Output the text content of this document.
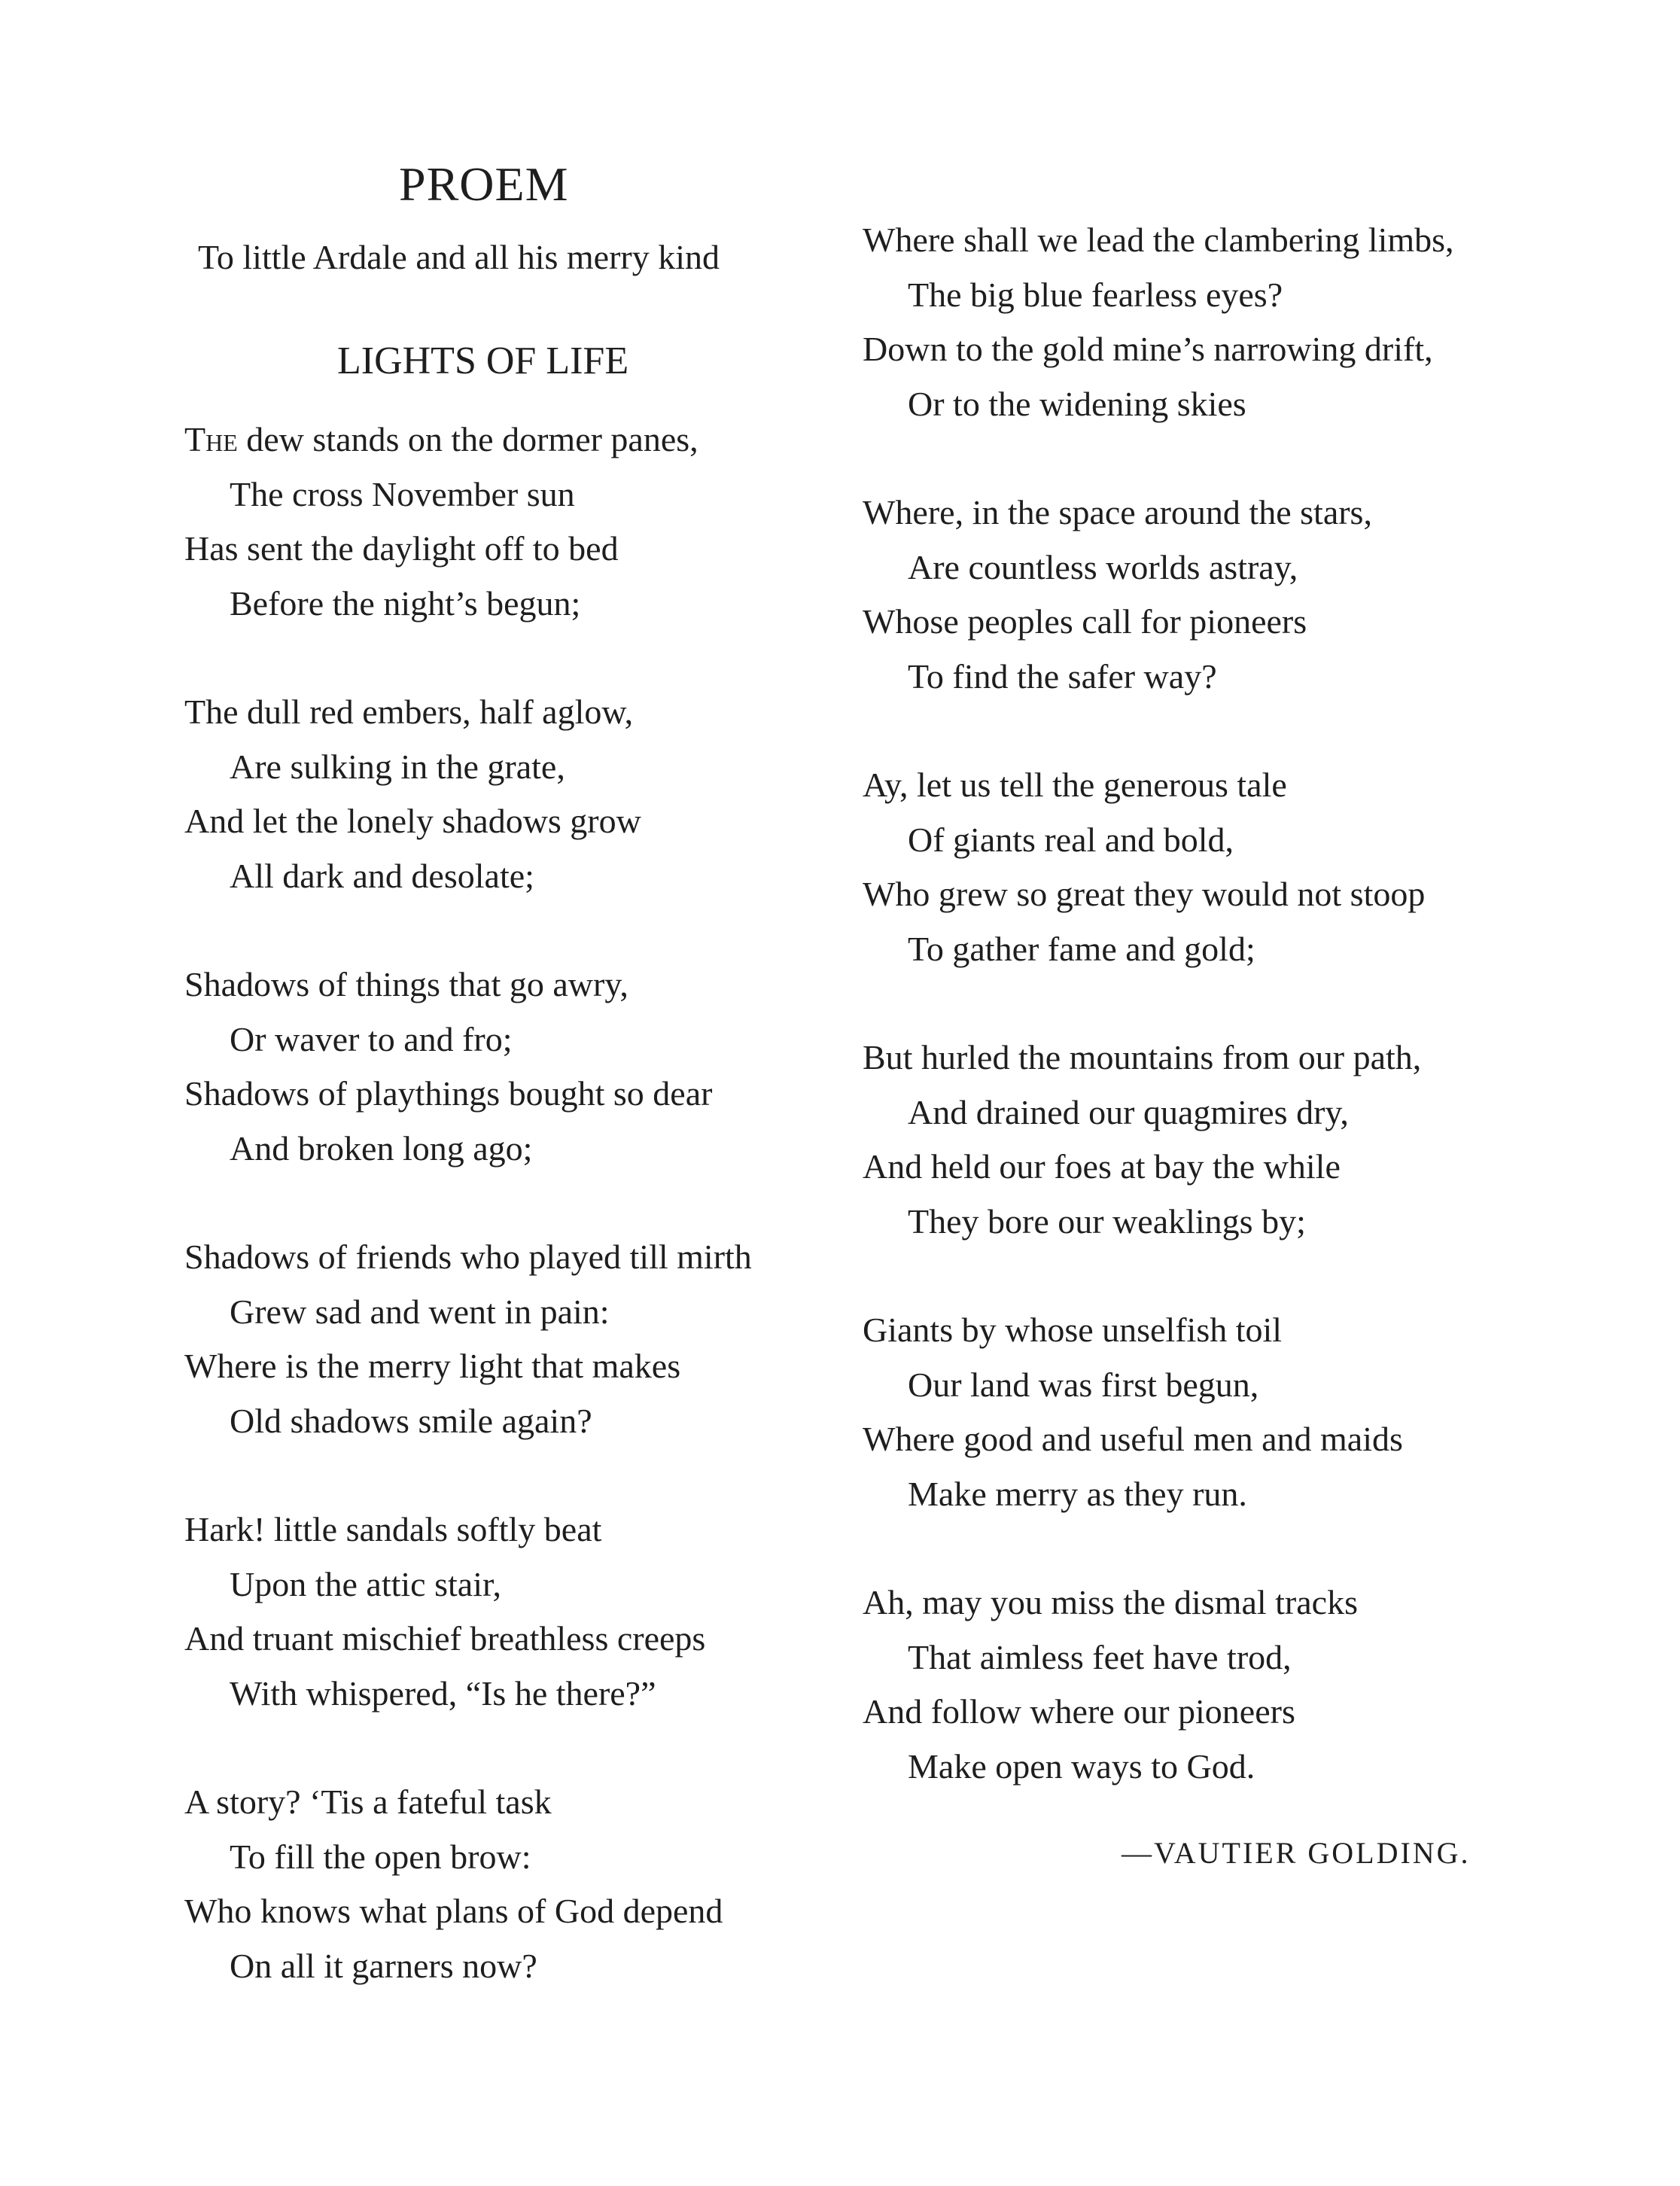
PROEM
To little Ardale and all his merry kind
LIGHTS OF LIFE
The dew stands on the dormer panes,
The cross November sun
Has sent the daylight off to bed
Before the night’s begun;
The dull red embers, half aglow,
Are sulking in the grate,
And let the lonely shadows grow
All dark and desolate;
Shadows of things that go awry,
Or waver to and fro;
Shadows of playthings bought so dear
And broken long ago;
Shadows of friends who played till mirth
Grew sad and went in pain:
Where is the merry light that makes
Old shadows smile again?
Hark! little sandals softly beat
Upon the attic stair,
And truant mischief breathless creeps
With whispered, “Is he there?”
A story? ‘Tis a fateful task
To fill the open brow:
Who knows what plans of God depend
On all it garners now?
Where shall we lead the clambering limbs,
The big blue fearless eyes?
Down to the gold mine’s narrowing drift,
Or to the widening skies
Where, in the space around the stars,
Are countless worlds astray,
Whose peoples call for pioneers
To find the safer way?
Ay, let us tell the generous tale
Of giants real and bold,
Who grew so great they would not stoop
To gather fame and gold;
But hurled the mountains from our path,
And drained our quagmires dry,
And held our foes at bay the while
They bore our weaklings by;
Giants by whose unselfish toil
Our land was first begun,
Where good and useful men and maids
Make merry as they run.
Ah, may you miss the dismal tracks
That aimless feet have trod,
And follow where our pioneers
Make open ways to God.
—VAUTIER GOLDING.
